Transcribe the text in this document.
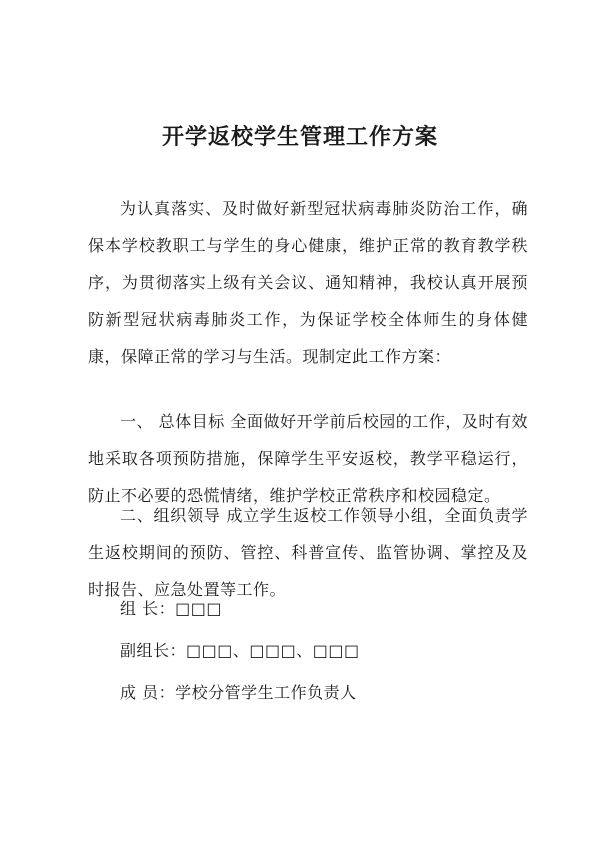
开学返校学生管理工作方案

为认真落实、及时做好新型冠状病毒肺炎防治工作，确保本学校教职工与学生的身心健康，维护正常的教育教学秩序，为贯彻落实上级有关会议、通知精神，我校认真开展预防新型冠状病毒肺炎工作，为保证学校全体师生的身体健康，保障正常的学习与生活。现制定此工作方案：

一、 总体目标 全面做好开学前后校园的工作，及时有效地采取各项预防措施，保障学生平安返校，教学平稳运行，防止不必要的恐慌情绪，维护学校正常秩序和校园稳定。

二、组织领导 成立学生返校工作领导小组，全面负责学生返校期间的预防、管控、科普宣传、监管协调、掌控及及时报告、应急处置等工作。

组 长：□□□
副组长：□□□、□□□、□□□
成 员：学校分管学生工作负责人
